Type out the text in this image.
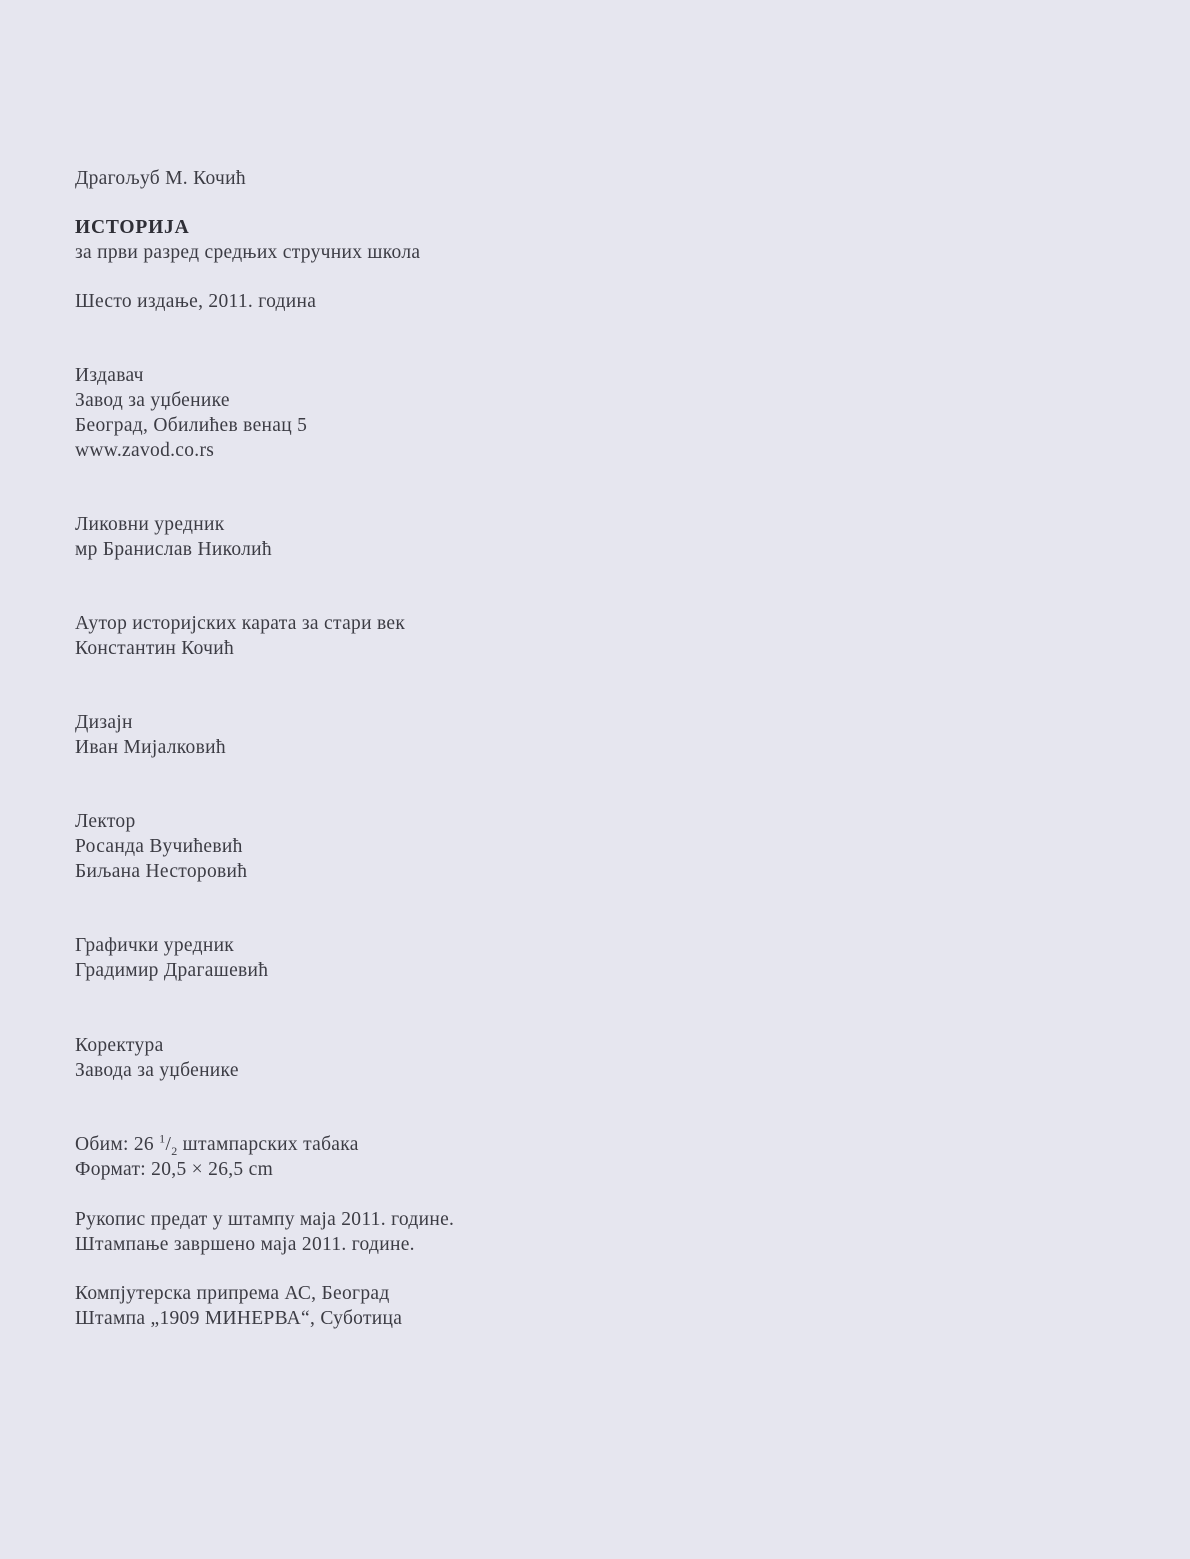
Драгољуб М. Кочић
ИСТОРИЈА
за први разред средњих стручних школа
Шесто издање, 2011. година
Издавач
Завод за уџбенике
Београд, Обилићев венац 5
www.zavod.co.rs
Ликовни уредник
мр Бранислав Николић
Аутор историјских карата за стари век
Константин Кочић
Дизајн
Иван Мијалковић
Лектор
Росанда Вучићевић
Биљана Несторовић
Графички уредник
Градимир Драгашевић
Коректура
Завода за уџбенике
Обим: 26 $^1/_2$ штампарских табака
Формат: 20,5 × 26,5 cm
Рукопис предат у штампу маја 2011. године.
Штампање завршено маја 2011. године.
Компјутерска припрема АС, Београд
Штампа „1909 МИНЕРВА“, Суботица
